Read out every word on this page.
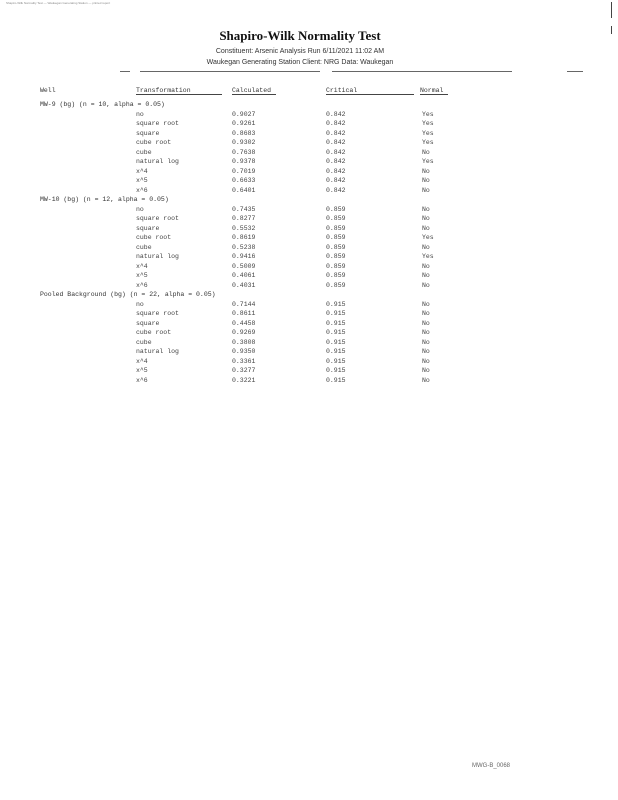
Shapiro-Wilk Normality Test — Waukegan Generating Station — printed report
Shapiro-Wilk Normality Test
Constituent: Arsenic Analysis Run 6/11/2021 11:02 AM
Waukegan Generating Station Client: NRG Data: Waukegan
Well	Transformation	Calculated	Critical	Normal
MW-9 (bg) (n = 10, alpha = 0.05)
no	0.9027	0.842	Yes
square root	0.9261	0.842	Yes
square	0.8683	0.842	Yes
cube root	0.9302	0.842	Yes
cube	0.7638	0.842	No
natural log	0.9378	0.842	Yes
x^4	0.7019	0.842	No
x^5	0.6633	0.842	No
x^6	0.6401	0.842	No
MW-10 (bg) (n = 12, alpha = 0.05)
no	0.7435	0.859	No
square root	0.8277	0.859	No
square	0.5532	0.859	No
cube root	0.8619	0.859	Yes
cube	0.5238	0.859	No
natural log	0.9416	0.859	Yes
x^4	0.5009	0.859	No
x^5	0.4061	0.859	No
x^6	0.4031	0.859	No
Pooled Background (bg) (n = 22, alpha = 0.05)
no	0.7144	0.915	No
square root	0.8611	0.915	No
square	0.4458	0.915	No
cube root	0.9269	0.915	No
cube	0.3808	0.915	No
natural log	0.9350	0.915	No
x^4	0.3361	0.915	No
x^5	0.3277	0.915	No
x^6	0.3221	0.915	No
MWG-B_0068
